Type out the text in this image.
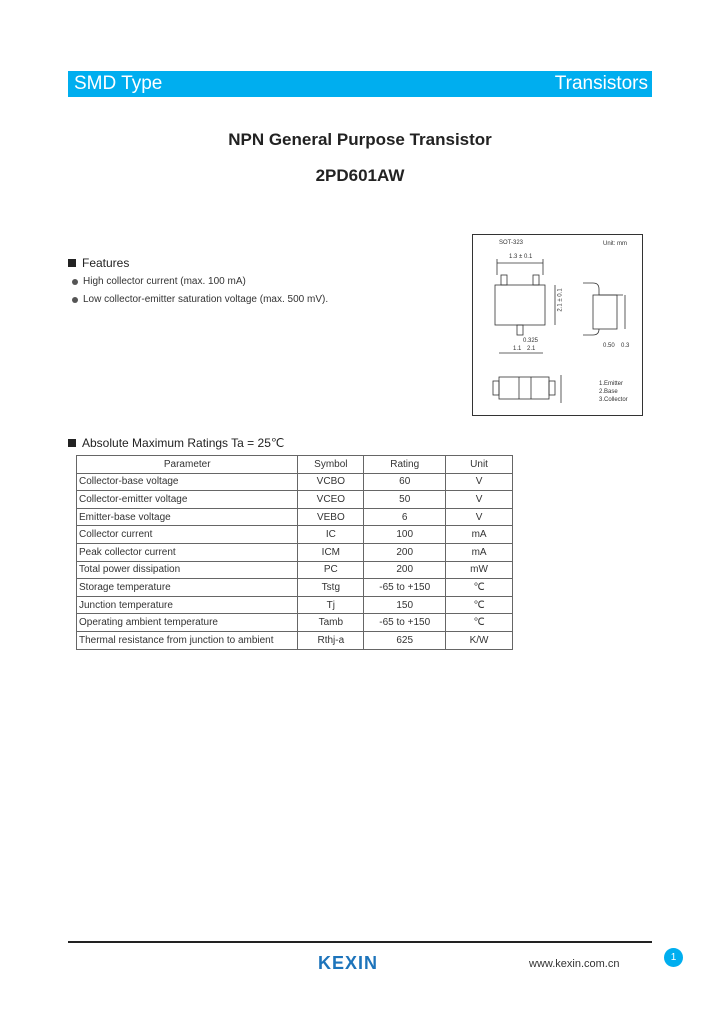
SMD Type	Transistors
NPN General Purpose Transistor
2PD601AW
Features
High collector current (max. 100 mA)
Low collector-emitter saturation voltage (max. 500 mV).
SOT-323	Unit: mm
1.3 ± 0.1
0.325
1.1 2.1
2.1 ± 0.1
0.50 0.3
1.Emitter
2.Base
3.Collector
Absolute Maximum Ratings Ta = 25℃
Parameter	Symbol	Rating	Unit
Collector-base voltage	VCBO	60	V
Collector-emitter voltage	VCEO	50	V
Emitter-base voltage	VEBO	6	V
Collector current	IC	100	mA
Peak collector current	ICM	200	mA
Total power dissipation	PC	200	mW
Storage temperature	Tstg	-65 to +150	℃
Junction temperature	Tj	150	℃
Operating ambient temperature	Tamb	-65 to +150	℃
Thermal resistance from junction to ambient	Rthj-a	625	K/W
KEXIN	www.kexin.com.cn
1
